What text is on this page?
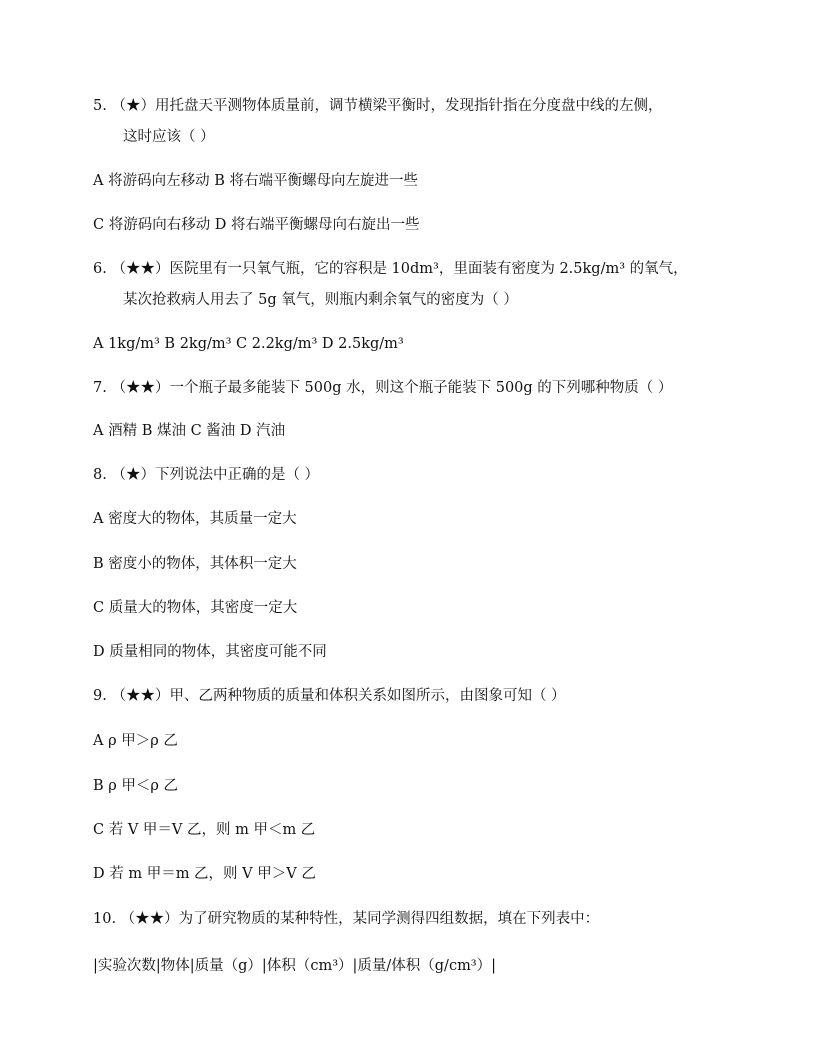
5. （★）用托盘天平测物体质量前，调节横梁平衡时，发现指针指在分度盘中线的左侧，
这时应该（ ）
A 将游码向左移动 B 将右端平衡螺母向左旋进一些
C 将游码向右移动 D 将右端平衡螺母向右旋出一些
6. （★★）医院里有一只氧气瓶，它的容积是 10dm³，里面装有密度为 2.5kg/m³ 的氧气，
某次抢救病人用去了 5g 氧气，则瓶内剩余氧气的密度为（ ）
A 1kg/m³ B 2kg/m³ C 2.2kg/m³ D 2.5kg/m³
7. （★★）一个瓶子最多能装下 500g 水，则这个瓶子能装下 500g 的下列哪种物质（ ）
A 酒精 B 煤油 C 酱油 D 汽油
8. （★）下列说法中正确的是（ ）
A 密度大的物体，其质量一定大
B 密度小的物体，其体积一定大
C 质量大的物体，其密度一定大
D 质量相同的物体，其密度可能不同
9. （★★）甲、乙两种物质的质量和体积关系如图所示，由图象可知（ ）
A ρ 甲＞ρ 乙
B ρ 甲＜ρ 乙
C 若 V 甲＝V 乙，则 m 甲＜m 乙
D 若 m 甲＝m 乙，则 V 甲＞V 乙
10. （★★）为了研究物质的某种特性，某同学测得四组数据，填在下列表中：
|实验次数|物体|质量（g）|体积（cm³）|质量/体积（g/cm³）|
